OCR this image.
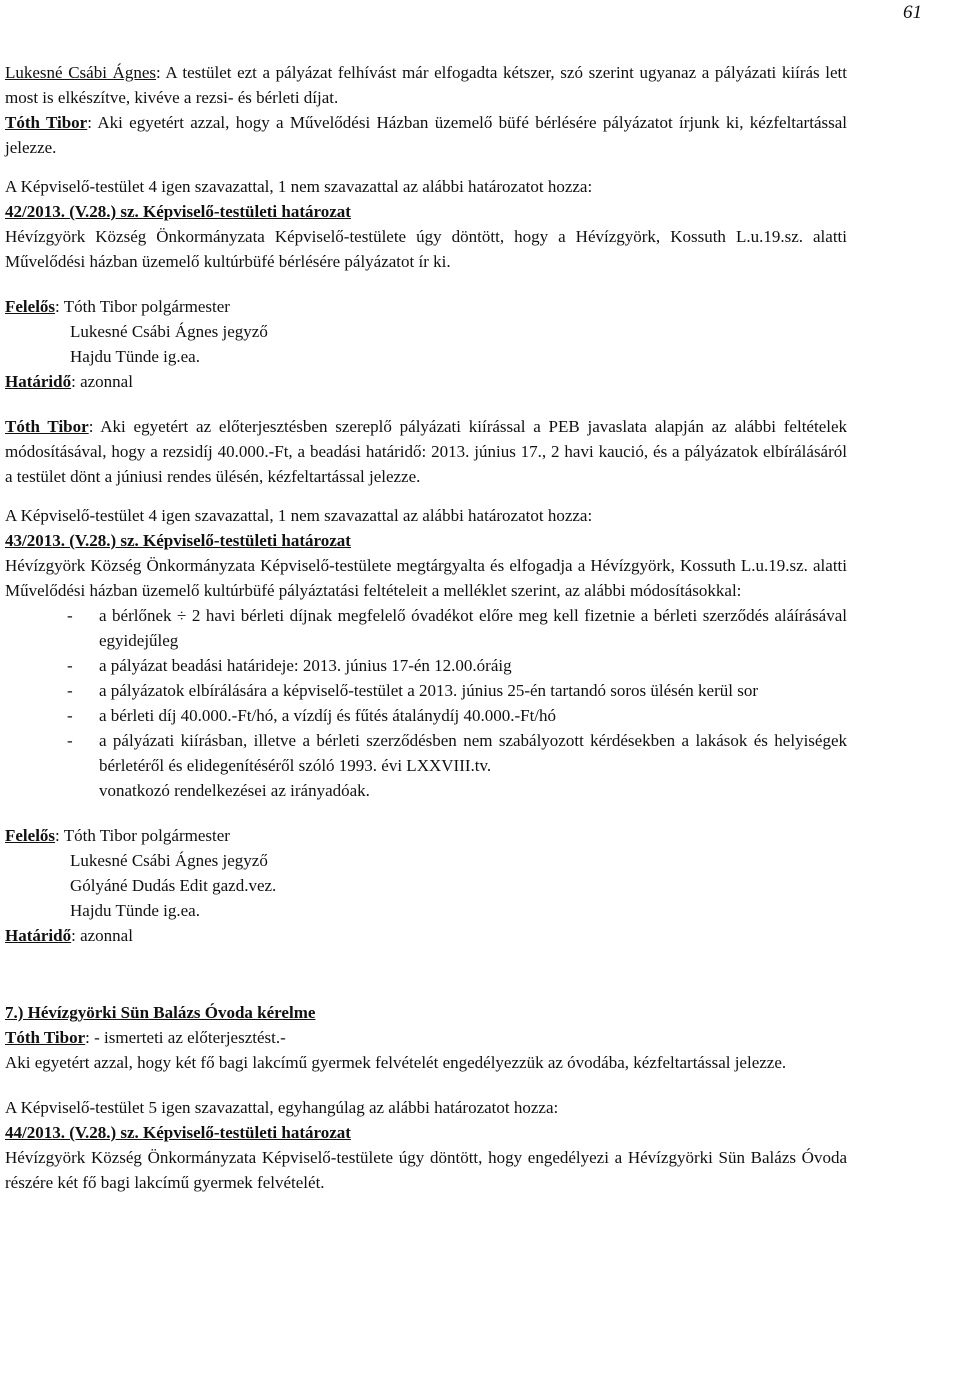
61

Lukesné Csábi Ágnes: A testület ezt a pályázat felhívást már elfogadta kétszer, szó szerint ugyanaz a pályázati kiírás lett most is elkészítve, kivéve a rezsi- és bérleti díjat.

Tóth Tibor: Aki egyetért azzal, hogy a Művelődési Házban üzemelő büfé bérlésére pályázatot írjunk ki, kézfeltartással jelezze.

A Képviselő-testület 4 igen szavazattal, 1 nem szavazattal az alábbi határozatot hozza:

42/2013. (V.28.) sz. Képviselő-testületi határozat

Hévízgyörk Község Önkormányzata Képviselő-testülete úgy döntött, hogy a Hévízgyörk, Kossuth L.u.19.sz. alatti Művelődési házban üzemelő kultúrbüfé bérlésére pályázatot ír ki.

Felelős: Tóth Tibor polgármester

Lukesné Csábi Ágnes jegyző

Hajdu Tünde ig.ea.

Határidő: azonnal

Tóth Tibor: Aki egyetért az előterjesztésben szereplő pályázati kiírással a PEB javaslata alapján az alábbi feltételek módosításával, hogy a rezsidíj 40.000.-Ft, a beadási határidő: 2013. június 17., 2 havi kaució, és a pályázatok elbírálásáról a testület dönt a júniusi rendes ülésén, kézfeltartással jelezze.

A Képviselő-testület 4 igen szavazattal, 1 nem szavazattal az alábbi határozatot hozza:

43/2013. (V.28.) sz. Képviselő-testületi határozat

Hévízgyörk Község Önkormányzata Képviselő-testülete megtárgyalta és elfogadja a Hévízgyörk, Kossuth L.u.19.sz. alatti Művelődési házban üzemelő kultúrbüfé pályáztatási feltételeit a melléklet szerint, az alábbi módosításokkal:

- a bérlőnek ÷ 2 havi bérleti díjnak megfelelő óvadékot előre meg kell fizetnie a bérleti szerződés aláírásával egyidejűleg
- a pályázat beadási határideje: 2013. június 17-én 12.00.óráig
- a pályázatok elbírálására a képviselő-testület a 2013. június 25-én tartandó soros ülésén kerül sor
- a bérleti díj 40.000.-Ft/hó, a vízdíj és fűtés átalánydíj 40.000.-Ft/hó
- a pályázati kiírásban, illetve a bérleti szerződésben nem szabályozott kérdésekben a lakások és helyiségek bérletéről és elidegenítéséről szóló 1993. évi LXXVIII.tv.
vonatkozó rendelkezései az irányadóak.

Felelős: Tóth Tibor polgármester

Lukesné Csábi Ágnes jegyző

Gólyáné Dudás Edit gazd.vez.

Hajdu Tünde ig.ea.

Határidő: azonnal

7.) Hévízgyörki Sün Balázs Óvoda kérelme

Tóth Tibor: - ismerteti az előterjesztést.-

Aki egyetért azzal, hogy két fő bagi lakcímű gyermek felvételét engedélyezzük az óvodába, kézfeltartással jelezze.

A Képviselő-testület 5 igen szavazattal, egyhangúlag az alábbi határozatot hozza:

44/2013. (V.28.) sz. Képviselő-testületi határozat

Hévízgyörk Község Önkormányzata Képviselő-testülete úgy döntött, hogy engedélyezi a Hévízgyörki Sün Balázs Óvoda részére két fő bagi lakcímű gyermek felvételét.
